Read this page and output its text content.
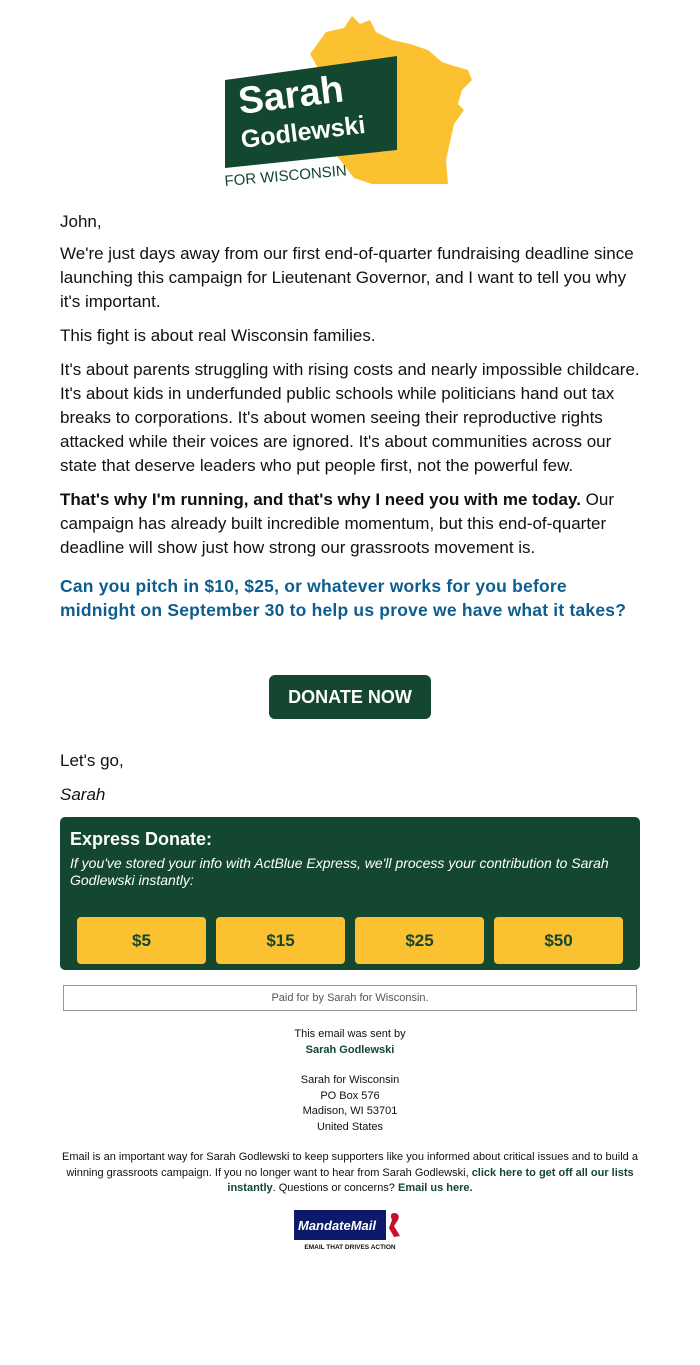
Sarah
Godlewski
FOR WISCONSIN

John,

We're just days away from our first end-of-quarter fundraising deadline since launching this campaign for Lieutenant Governor, and I want to tell you why it's important.

This fight is about real Wisconsin families.

It's about parents struggling with rising costs and nearly impossible childcare. It's about kids in underfunded public schools while politicians hand out tax breaks to corporations. It's about women seeing their reproductive rights attacked while their voices are ignored. It's about communities across our state that deserve leaders who put people first, not the powerful few.

That's why I'm running, and that's why I need you with me today. Our campaign has already built incredible momentum, but this end-of-quarter deadline will show just how strong our grassroots movement is.

Can you pitch in $10, $25, or whatever works for you before midnight on September 30 to help us prove we have what it takes?

DONATE NOW
Let's go,
Sarah
Express Donate:
If you've stored your info with ActBlue Express, we'll process your contribution to Sarah Godlewski instantly:
$5	$15	$25	$50
Paid for by Sarah for Wisconsin.
This email was sent by
Sarah Godlewski
Sarah for Wisconsin
PO Box 576
Madison, WI 53701
United States
Email is an important way for Sarah Godlewski to keep supporters like you informed about critical issues and to build a winning grassroots campaign. If you no longer want to hear from Sarah Godlewski, click here to get off all our lists instantly. Questions or concerns? Email us here.
MandateMail
EMAIL THAT DRIVES ACTION
